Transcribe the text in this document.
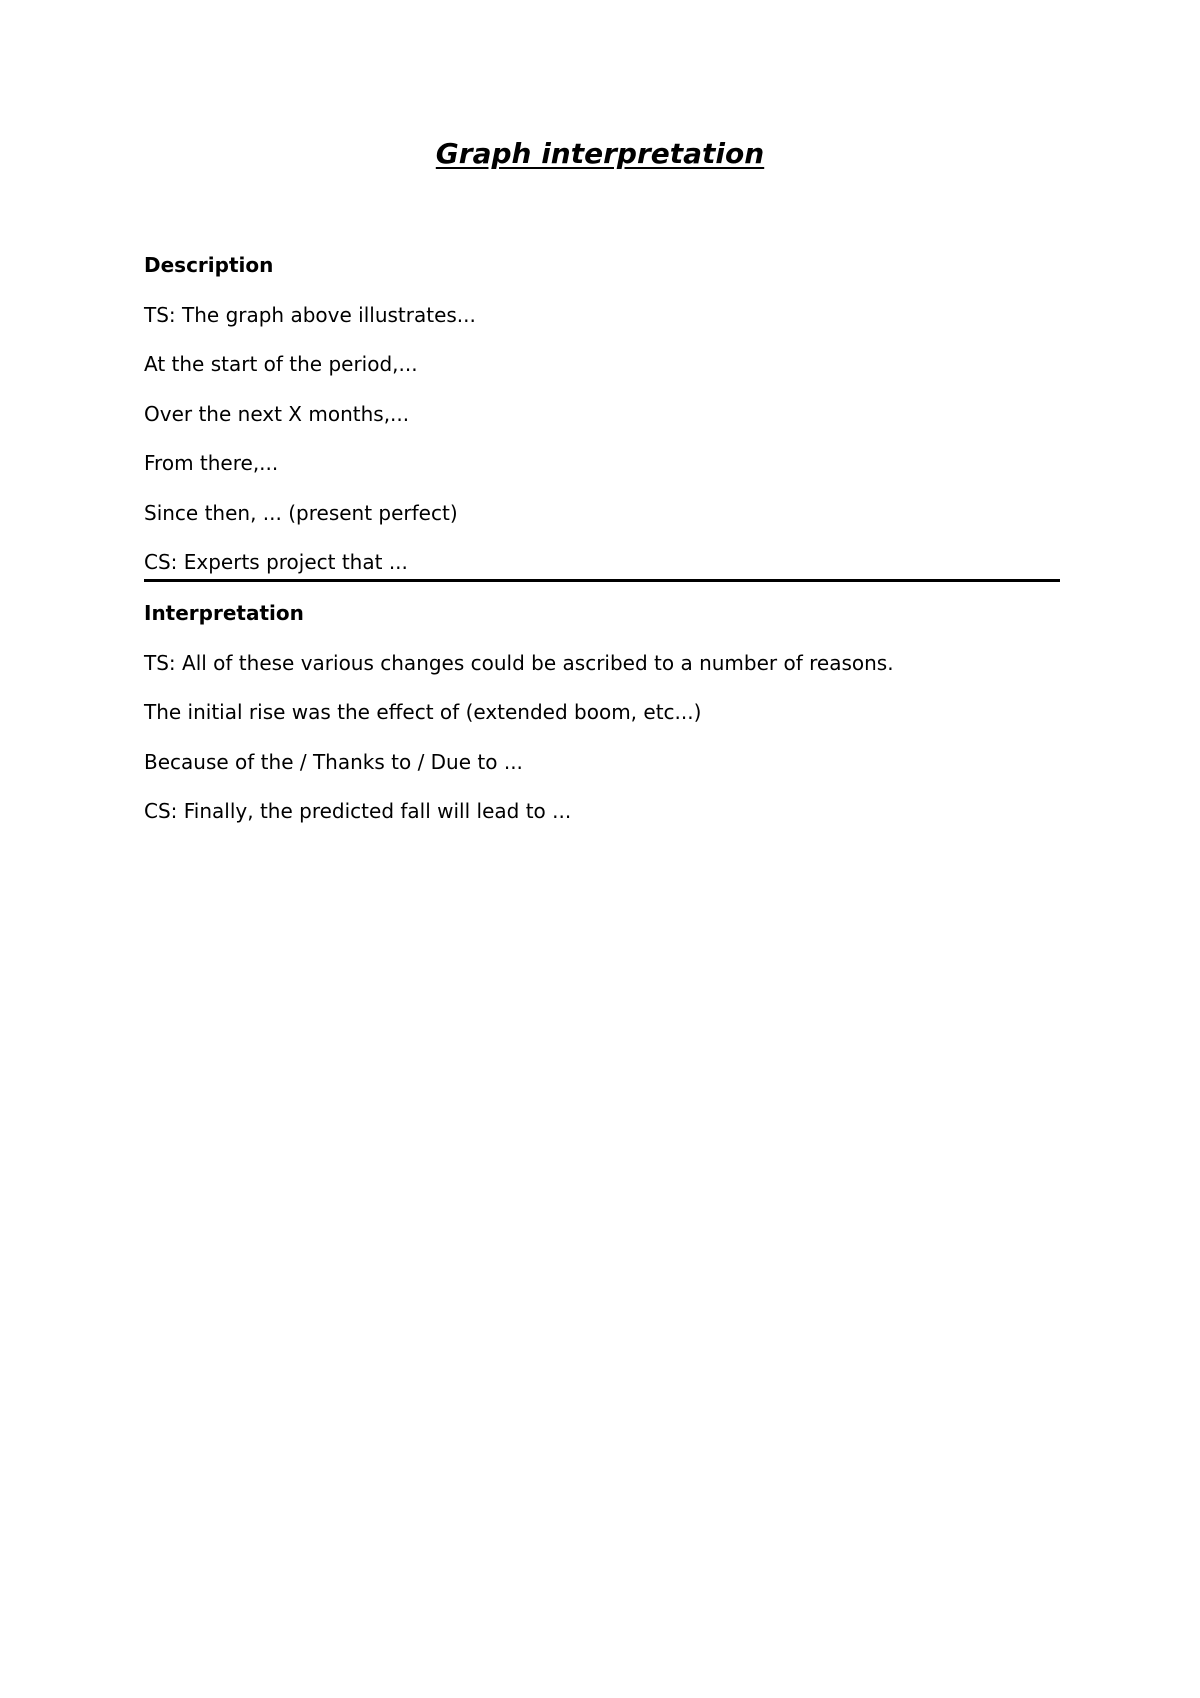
Graph interpretation

Description

TS: The graph above illustrates...

At the start of the period,...

Over the next X months,...

From there,...

Since then, ... (present perfect)

CS: Experts project that ...

Interpretation

TS: All of these various changes could be ascribed to a number of reasons.

The initial rise was the effect of (extended boom, etc...)

Because of the / Thanks to / Due to ...

CS: Finally, the predicted fall will lead to ...
